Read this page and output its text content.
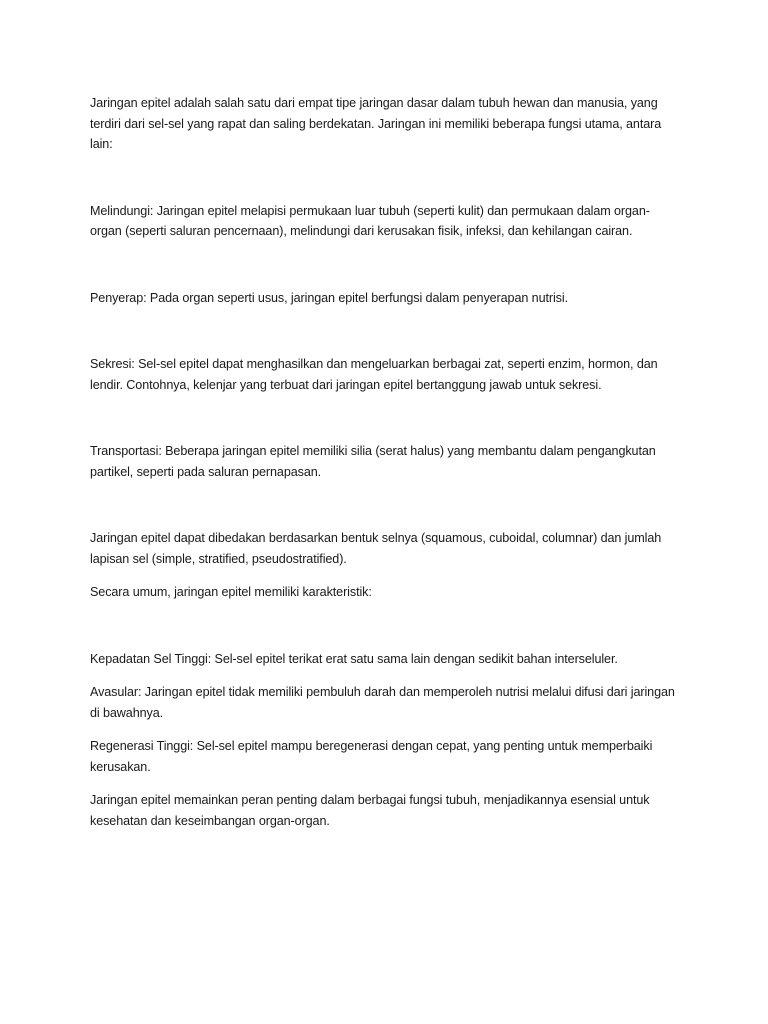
Jaringan epitel adalah salah satu dari empat tipe jaringan dasar dalam tubuh hewan dan manusia, yang terdiri dari sel-sel yang rapat dan saling berdekatan. Jaringan ini memiliki beberapa fungsi utama, antara lain:

Melindungi: Jaringan epitel melapisi permukaan luar tubuh (seperti kulit) dan permukaan dalam organ-organ (seperti saluran pencernaan), melindungi dari kerusakan fisik, infeksi, dan kehilangan cairan.

Penyerap: Pada organ seperti usus, jaringan epitel berfungsi dalam penyerapan nutrisi.

Sekresi: Sel-sel epitel dapat menghasilkan dan mengeluarkan berbagai zat, seperti enzim, hormon, dan lendir. Contohnya, kelenjar yang terbuat dari jaringan epitel bertanggung jawab untuk sekresi.

Transportasi: Beberapa jaringan epitel memiliki silia (serat halus) yang membantu dalam pengangkutan partikel, seperti pada saluran pernapasan.

Jaringan epitel dapat dibedakan berdasarkan bentuk selnya (squamous, cuboidal, columnar) dan jumlah lapisan sel (simple, stratified, pseudostratified).

Secara umum, jaringan epitel memiliki karakteristik:

Kepadatan Sel Tinggi: Sel-sel epitel terikat erat satu sama lain dengan sedikit bahan interseluler.

Avasular: Jaringan epitel tidak memiliki pembuluh darah dan memperoleh nutrisi melalui difusi dari jaringan di bawahnya.

Regenerasi Tinggi: Sel-sel epitel mampu beregenerasi dengan cepat, yang penting untuk memperbaiki kerusakan.

Jaringan epitel memainkan peran penting dalam berbagai fungsi tubuh, menjadikannya esensial untuk kesehatan dan keseimbangan organ-organ.
